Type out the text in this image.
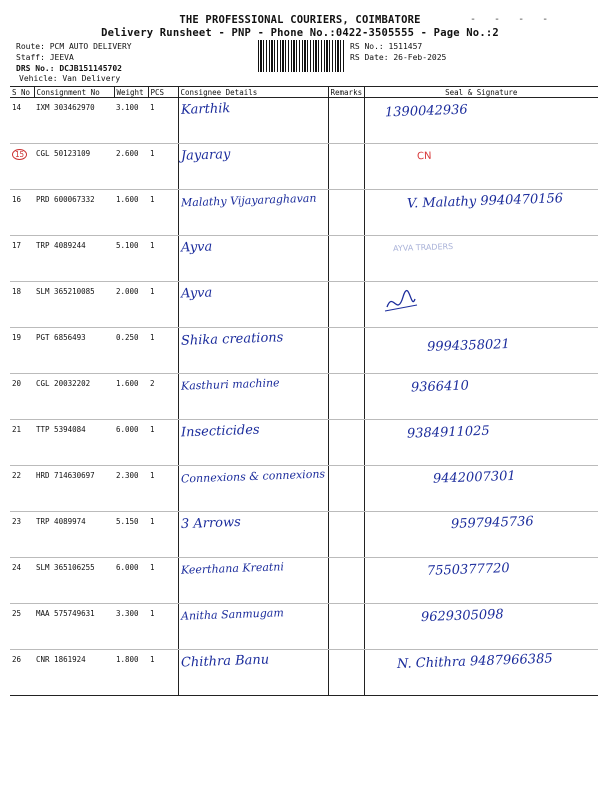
THE PROFESSIONAL COURIERS, COIMBATORE
Delivery Runsheet - PNP - Phone No.:0422-3505555 - Page No.:2
- - - -
Route: PCM AUTO DELIVERY
Staff: JEEVA
DRS No.: DCJB151145702
Vehicle: Van Delivery
RS No.: 1511457
RS Date: 26-Feb-2025
S No	Consignment No	Weight	PCS	Consignee Details	Remarks	Seal & Signature
14	IXM 303462970	3.100	1	Karthik		1390042936

15	CGL 50123109	2.600	1	Jayaray		CN

16	PRD 600067332	1.600	1	Malathy Vijayaraghavan		V. Malathy 9940470156

17	TRP 4089244	5.100	1	Ayva		AYVA TRADERS

18	SLM 365210085	2.000	1	Ayva		
19	PGT 6856493	0.250	1	Shika creations		9994358021

20	CGL 20032202	1.600	2	Kasthuri machine		9366410

21	TTP 5394084	6.000	1	Insecticides		9384911025

22	HRD 714630697	2.300	1	Connexions & connexions		9442007301

23	TRP 4089974	5.150	1	3 Arrows		9597945736

24	SLM 365106255	6.000	1	Keerthana Kreatni		7550377720

25	MAA 575749631	3.300	1	Anitha Sanmugam		9629305098

26	CNR 1861924	1.800	1	Chithra Banu		N. Chithra 9487966385
